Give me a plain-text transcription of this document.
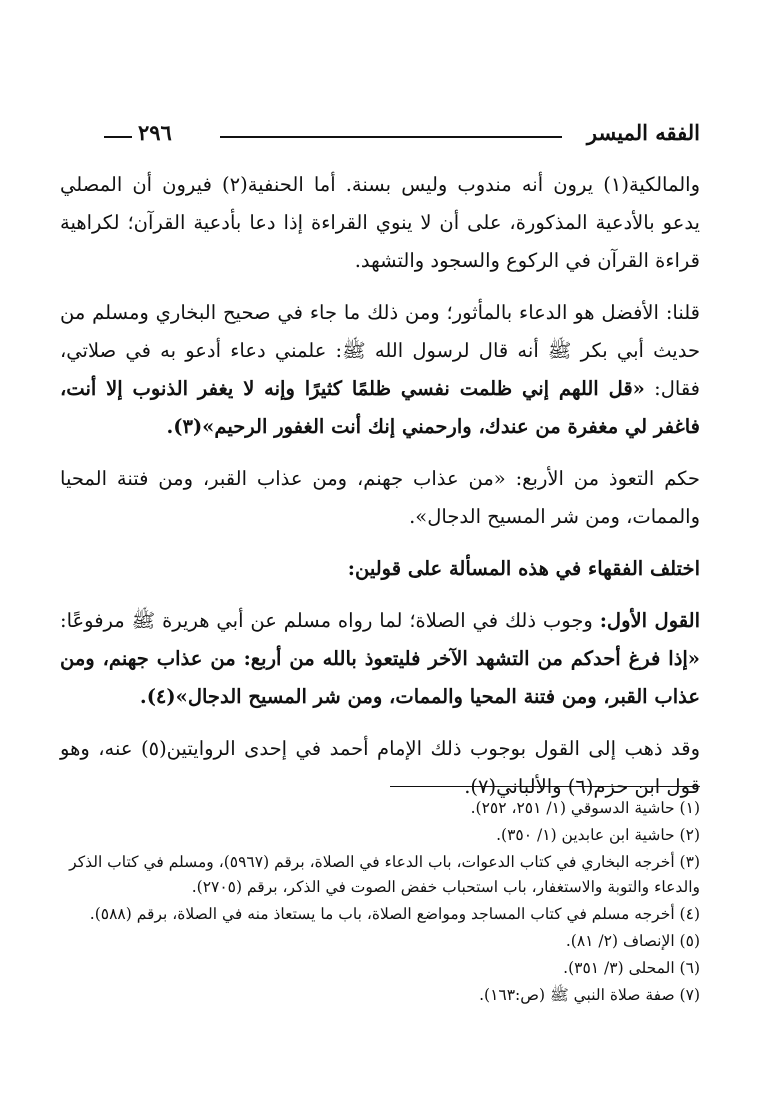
الفقه الميسر
٢٩٦

والمالكية(١) يرون أنه مندوب وليس بسنة. أما الحنفية(٢) فيرون أن المصلي يدعو بالأدعية المذكورة، على أن لا ينوي القراءة إذا دعا بأدعية القرآن؛ لكراهية قراءة القرآن في الركوع والسجود والتشهد.

قلنا: الأفضل هو الدعاء بالمأثور؛ ومن ذلك ما جاء في صحيح البخاري ومسلم من حديث أبي بكر ﷺ أنه قال لرسول الله ﷺ: علمني دعاء أدعو به في صلاتي، فقال: «قل اللهم إني ظلمت نفسي ظلمًا كثيرًا وإنه لا يغفر الذنوب إلا أنت، فاغفر لي مغفرة من عندك، وارحمني إنك أنت الغفور الرحيم»(٣).

حكم التعوذ من الأربع: «من عذاب جهنم، ومن عذاب القبر، ومن فتنة المحيا والممات، ومن شر المسيح الدجال».

اختلف الفقهاء في هذه المسألة على قولين:

القول الأول: وجوب ذلك في الصلاة؛ لما رواه مسلم عن أبي هريرة ﷺ مرفوعًا: «إذا فرغ أحدكم من التشهد الآخر فليتعوذ بالله من أربع: من عذاب جهنم، ومن عذاب القبر، ومن فتنة المحيا والممات، ومن شر المسيح الدجال»(٤).

وقد ذهب إلى القول بوجوب ذلك الإمام أحمد في إحدى الروايتين(٥) عنه، وهو قول ابن حزم(٦) والألباني(٧).

(١) حاشية الدسوقي (١/ ٢٥١، ٢٥٢).
(٢) حاشية ابن عابدين (١/ ٣٥٠).
(٣) أخرجه البخاري في كتاب الدعوات، باب الدعاء في الصلاة، برقم (٥٩٦٧)، ومسلم في كتاب الذكر والدعاء والتوبة والاستغفار، باب استحباب خفض الصوت في الذكر، برقم (٢٧٠٥).
(٤) أخرجه مسلم في كتاب المساجد ومواضع الصلاة، باب ما يستعاذ منه في الصلاة، برقم (٥٨٨).
(٥) الإنصاف (٢/ ٨١).
(٦) المحلى (٣/ ٣٥١).
(٧) صفة صلاة النبي ﷺ (ص:١٦٣).
